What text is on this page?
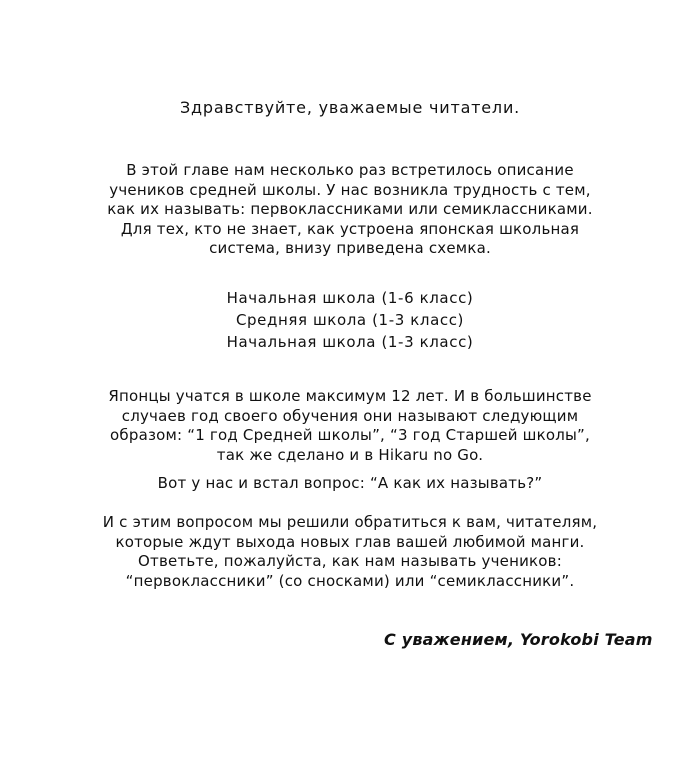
Здравствуйте, уважаемые читатели.
В этой главе нам несколько раз встретилось описание
учеников средней школы. У нас возникла трудность с тем,
как их называть: первоклассниками или семиклассниками.
Для тех, кто не знает, как устроена японская школьная
система, внизу приведена схемка.
Начальная школа (1-6 класс)
Средняя школа (1-3 класс)
Начальная школа (1-3 класс)
Японцы учатся в школе максимум 12 лет. И в большинстве
случаев год своего обучения они называют следующим
образом: “1 год Средней школы”, “3 год Старшей школы”,
так же сделано и в Hikaru no Go.
Вот у нас и встал вопрос: “А как их называть?”
И с этим вопросом мы решили обратиться к вам, читателям,
которые ждут выхода новых глав вашей любимой манги.
Ответьте, пожалуйста, как нам называть учеников:
“первоклассники” (со сносками) или “семиклассники”.
С уважением, Yorokobi Team
